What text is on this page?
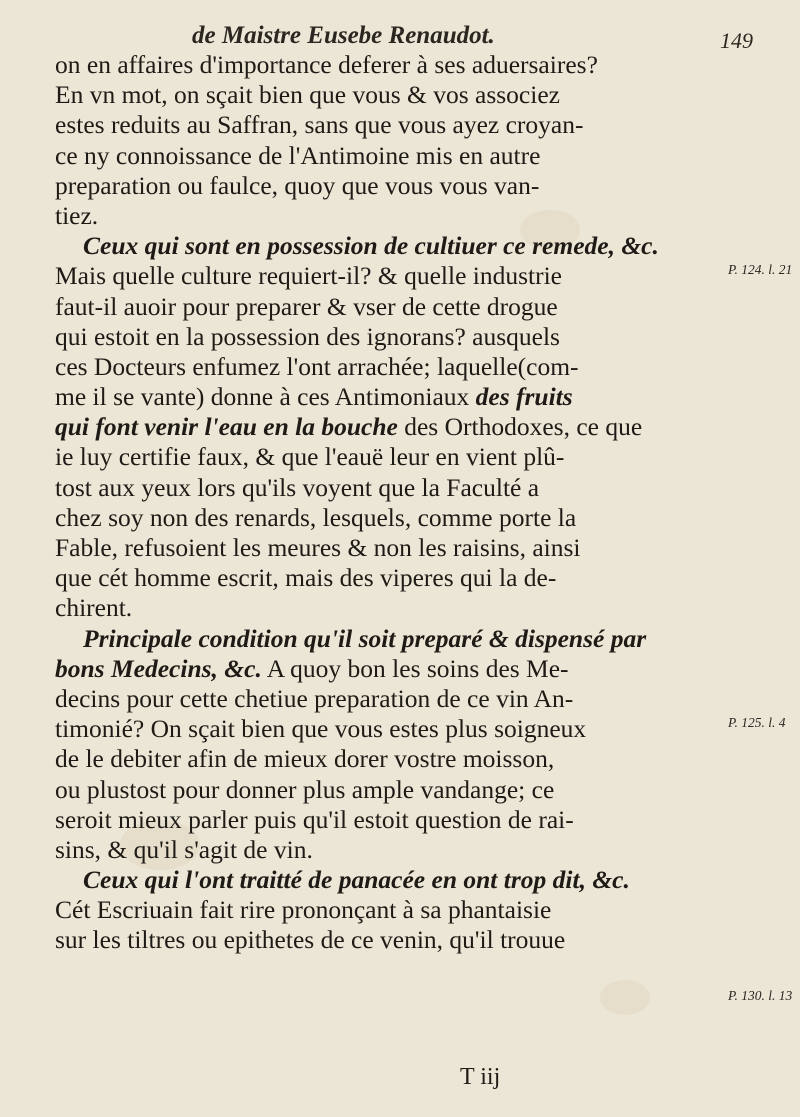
de Maistre Eusebe Renaudot.	149
on en affaires d'importance deferer à ses aduersaires?
En vn mot, on sçait bien que vous & vos associez
estes reduits au Saffran, sans que vous ayez croyan-
ce ny connoissance de l'Antimoine mis en autre
preparation ou faulce, quoy que vous vous van-
tiez.
Ceux qui sont en possession de cultiuer ce remede, &c.
Mais quelle culture requiert-il? & quelle industrie
faut-il auoir pour preparer & vser de cette drogue
qui estoit en la possession des ignorans? ausquels
ces Docteurs enfumez l'ont arrachée; laquelle(com-
me il se vante) donne à ces Antimoniaux des fruits
qui font venir l'eau en la bouche des Orthodoxes, ce que
ie luy certifie faux, & que l'eauë leur en vient plû-
tost aux yeux lors qu'ils voyent que la Faculté a
chez soy non des renards, lesquels, comme porte la
Fable, refusoient les meures & non les raisins, ainsi
que cét homme escrit, mais des viperes qui la de-
chirent.
Principale condition qu'il soit preparé & dispensé par
bons Medecins, &c. A quoy bon les soins des Me-
decins pour cette chetiue preparation de ce vin An-
timonié? On sçait bien que vous estes plus soigneux
de le debiter afin de mieux dorer vostre moisson,
ou plustost pour donner plus ample vandange; ce
seroit mieux parler puis qu'il estoit question de rai-
sins, & qu'il s'agit de vin.
Ceux qui l'ont traitté de panacée en ont trop dit, &c.
Cét Escriuain fait rire prononçant à sa phantaisie
sur les tiltres ou epithetes de ce venin, qu'il trouue
P. 124. l. 21
P. 125. l. 4
P. 130. l. 13
T iij
